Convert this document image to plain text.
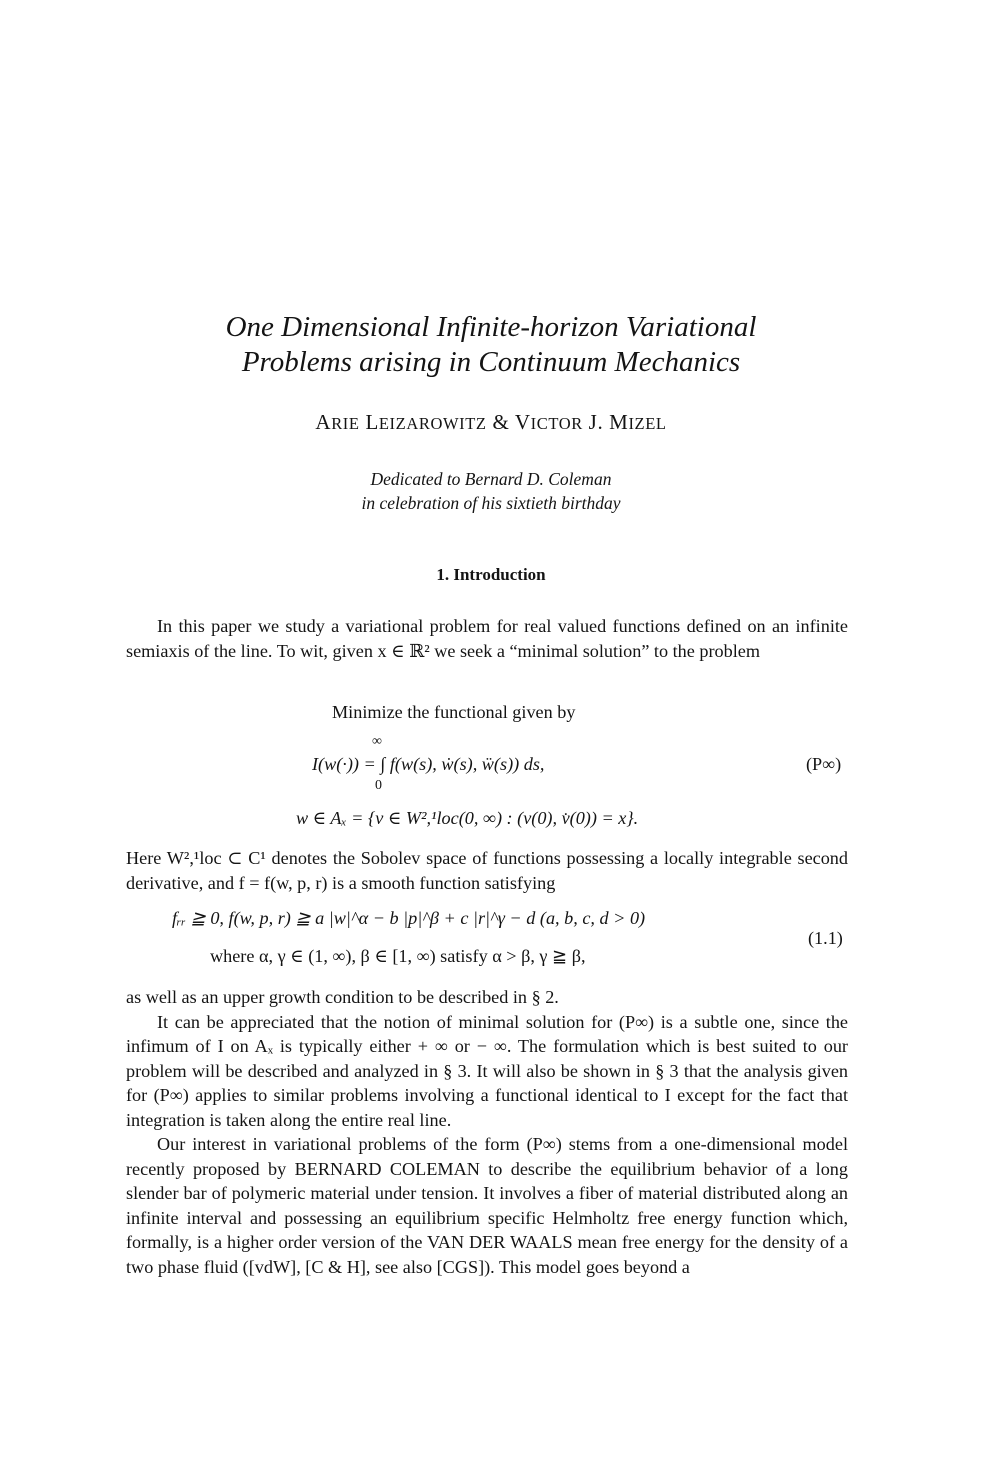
One Dimensional Infinite-horizon Variational
Problems arising in Continuum Mechanics
ARIE LEIZAROWITZ & VICTOR J. MIZEL
Dedicated to Bernard D. Coleman
in celebration of his sixtieth birthday
1. Introduction

In this paper we study a variational problem for real valued functions defined on an infinite semiaxis of the line. To wit, given x ∈ ℝ² we seek a “minimal solution” to the problem

Minimize the functional given by
∞
I(w(·)) = ∫ f(w(s), ẇ(s), ẅ(s)) ds,
0
(P∞)
w ∈ Aₓ = {v ∈ W²,¹loc(0, ∞) : (v(0), v̇(0)) = x}.

Here W²,¹loc ⊂ C¹ denotes the Sobolev space of functions possessing a locally integrable second derivative, and f = f(w, p, r) is a smooth function satisfying

fᵣᵣ ≧ 0, f(w, p, r) ≧ a |w|^α − b |p|^β + c |r|^γ − d (a, b, c, d > 0)
where α, γ ∈ (1, ∞), β ∈ [1, ∞) satisfy α > β, γ ≧ β,
(1.1)

as well as an upper growth condition to be described in § 2.

It can be appreciated that the notion of minimal solution for (P∞) is a subtle one, since the infimum of I on Aₓ is typically either + ∞ or − ∞. The formulation which is best suited to our problem will be described and analyzed in § 3. It will also be shown in § 3 that the analysis given for (P∞) applies to similar problems involving a functional identical to I except for the fact that integration is taken along the entire real line.

Our interest in variational problems of the form (P∞) stems from a one-dimensional model recently proposed by BERNARD COLEMAN to describe the equilibrium behavior of a long slender bar of polymeric material under tension. It involves a fiber of material distributed along an infinite interval and possessing an equilibrium specific Helmholtz free energy function which, formally, is a higher order version of the VAN DER WAALS mean free energy for the density of a two phase fluid ([vdW], [C & H], see also [CGS]). This model goes beyond a
